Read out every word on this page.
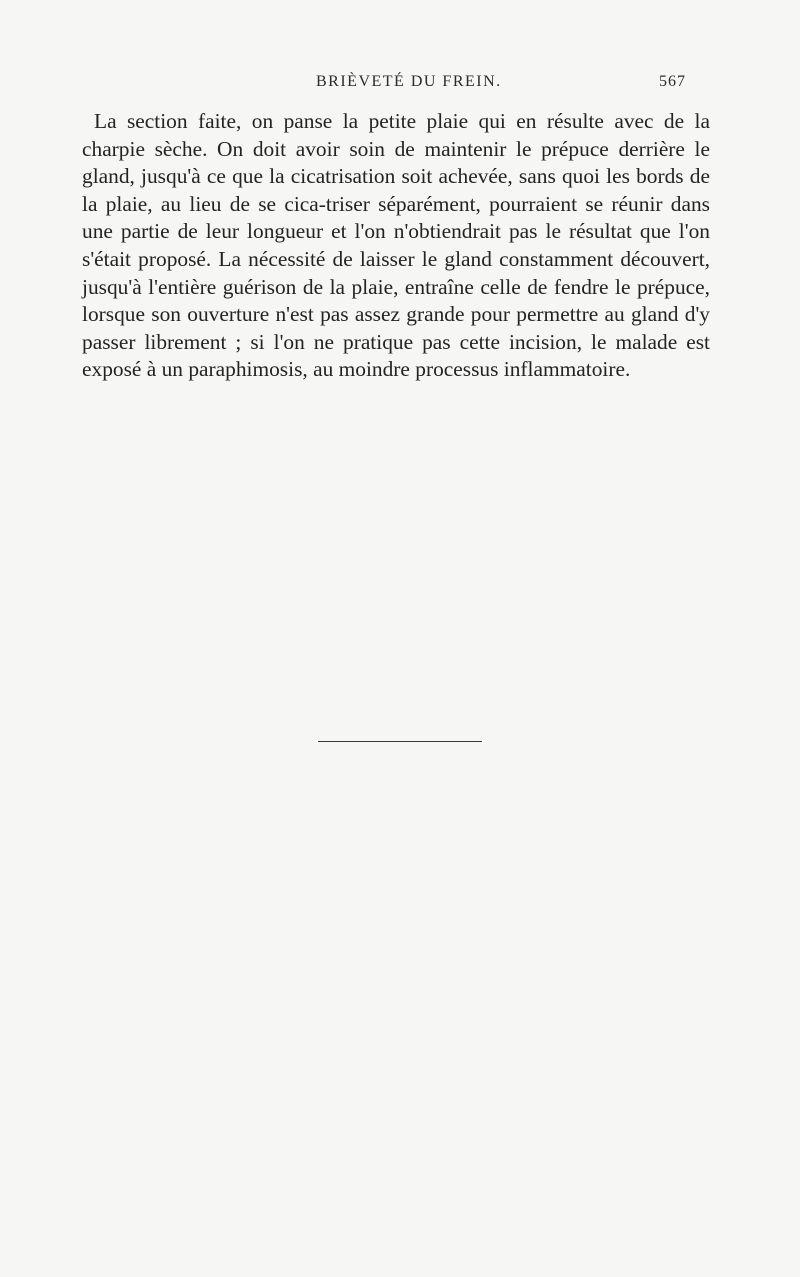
BRIÈVETÉ DU FREIN.	567

La section faite, on panse la petite plaie qui en résulte avec de la charpie sèche. On doit avoir soin de maintenir le prépuce derrière le gland, jusqu'à ce que la cicatrisation soit achevée, sans quoi les bords de la plaie, au lieu de se cica-triser séparément, pourraient se réunir dans une partie de leur longueur et l'on n'obtiendrait pas le résultat que l'on s'était proposé. La nécessité de laisser le gland constamment découvert, jusqu'à l'entière guérison de la plaie, entraîne celle de fendre le prépuce, lorsque son ouverture n'est pas assez grande pour permettre au gland d'y passer librement ; si l'on ne pratique pas cette incision, le malade est exposé à un paraphimosis, au moindre processus inflammatoire.
